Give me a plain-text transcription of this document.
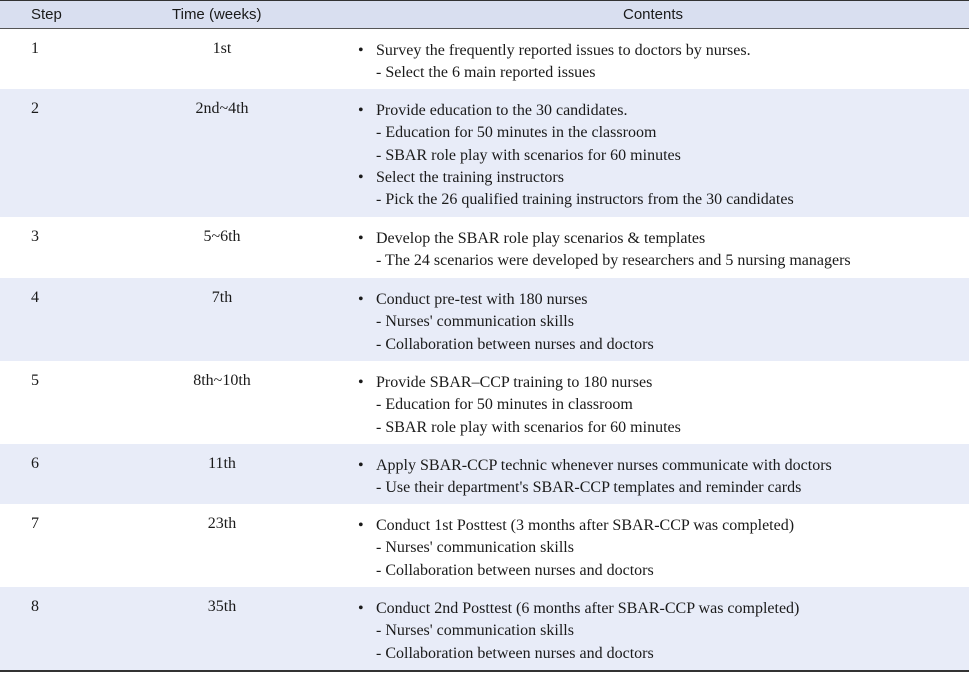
Step	Time (weeks)	Contents
1	1st	• Survey the frequently reported issues to doctors by nurses.
- Select the 6 main reported issues
2	2nd~4th	• Provide education to the 30 candidates.
- Education for 50 minutes in the classroom
- SBAR role play with scenarios for 60 minutes
• Select the training instructors
- Pick the 26 qualified training instructors from the 30 candidates
3	5~6th	• Develop the SBAR role play scenarios & templates
- The 24 scenarios were developed by researchers and 5 nursing managers
4	7th	• Conduct pre-test with 180 nurses
- Nurses' communication skills
- Collaboration between nurses and doctors
5	8th~10th	• Provide SBAR–CCP training to 180 nurses
- Education for 50 minutes in classroom
- SBAR role play with scenarios for 60 minutes
6	11th	• Apply SBAR-CCP technic whenever nurses communicate with doctors
- Use their department's SBAR-CCP templates and reminder cards
7	23th	• Conduct 1st Posttest (3 months after SBAR-CCP was completed)
- Nurses' communication skills
- Collaboration between nurses and doctors
8	35th	• Conduct 2nd Posttest (6 months after SBAR-CCP was completed)
- Nurses' communication skills
- Collaboration between nurses and doctors
